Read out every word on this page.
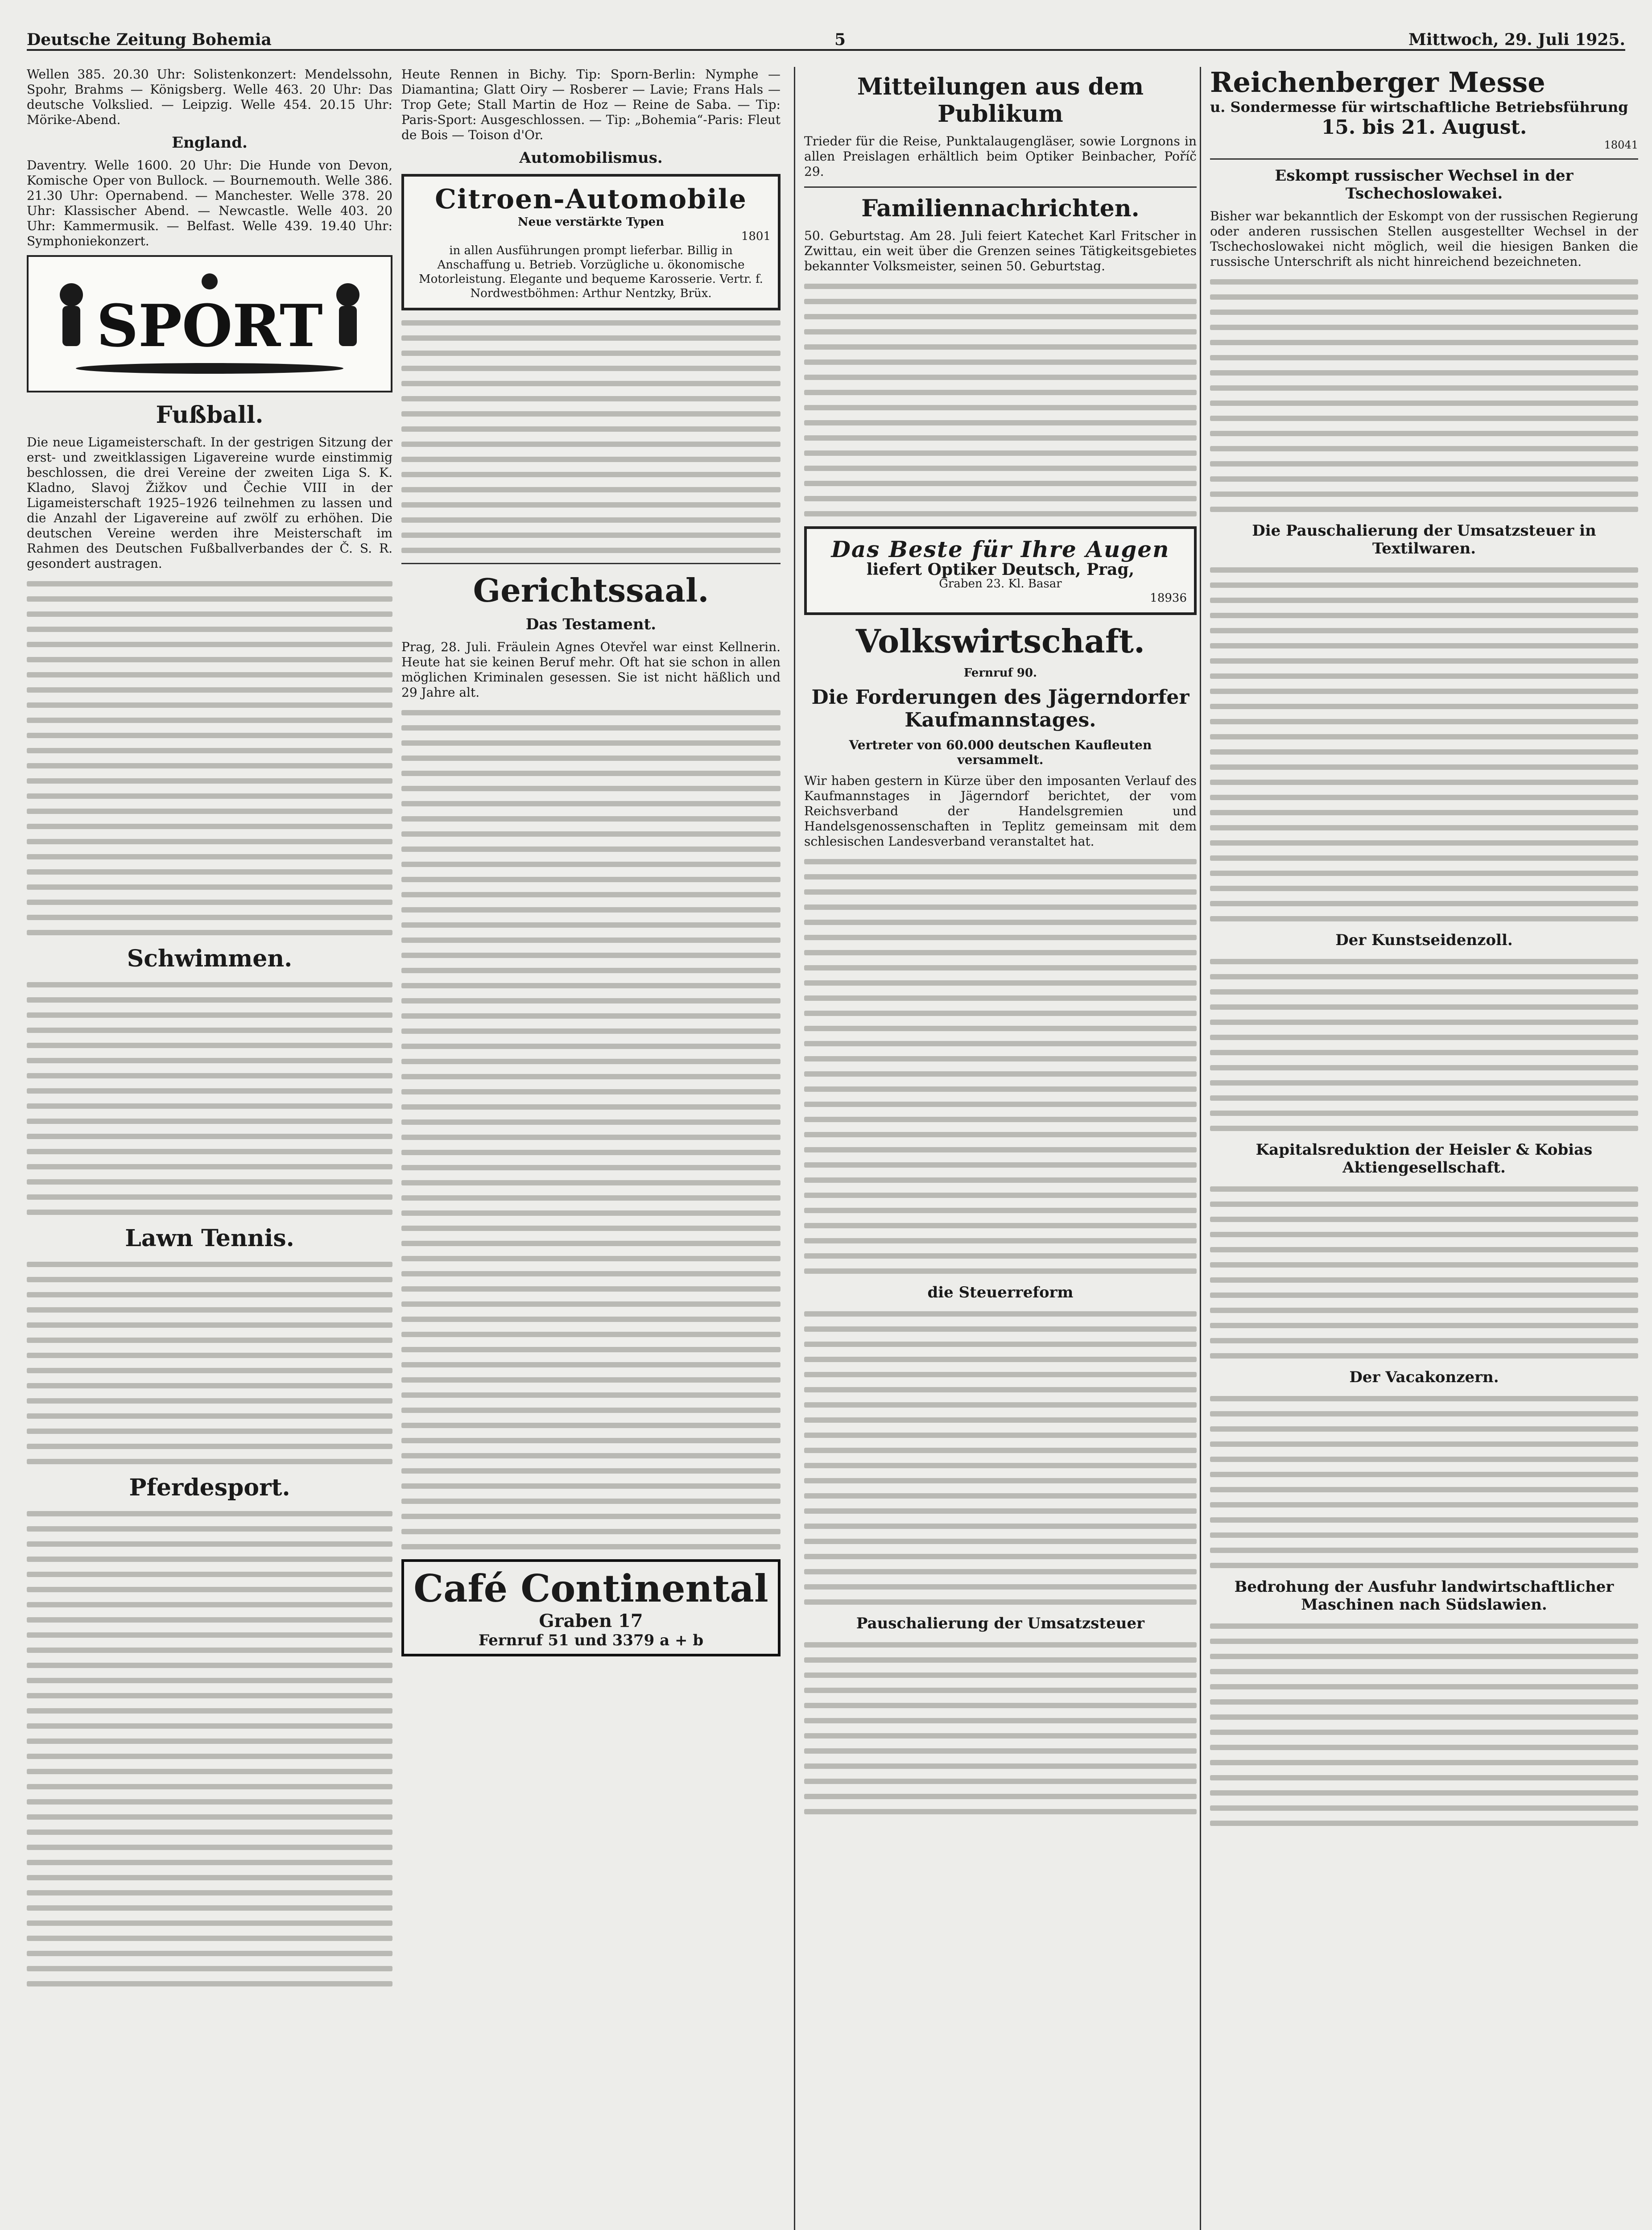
Deutsche Zeitung Bohemia	5	Mittwoch, 29. Juli 1925.

Wellen 385. 20.30 Uhr: Solistenkonzert: Mendelssohn, Spohr, Brahms — Königsberg. Welle 463. 20 Uhr: Das deutsche Volkslied. — Leipzig. Welle 454. 20.15 Uhr: Mörike-Abend.

England.

Daventry. Welle 1600. 20 Uhr: Die Hunde von Devon, Komische Oper von Bullock. — Bournemouth. Welle 386. 21.30 Uhr: Opernabend. — Manchester. Welle 378. 20 Uhr: Klassischer Abend. — Newcastle. Welle 403. 20 Uhr: Kammermusik. — Belfast. Welle 439. 19.40 Uhr: Symphoniekonzert.

SPORT
Fußball.

Die neue Ligameisterschaft. In der gestrigen Sitzung der erst- und zweitklassigen Ligavereine wurde einstimmig beschlossen, die drei Vereine der zweiten Liga S. K. Kladno, Slavoj Žižkov und Čechie VIII in der Ligameisterschaft 1925–1926 teilnehmen zu lassen und die Anzahl der Ligavereine auf zwölf zu erhöhen. Die deutschen Vereine werden ihre Meisterschaft im Rahmen des Deutschen Fußballverbandes der Č. S. R. gesondert austragen.

Schwimmen.
Lawn Tennis.
Pferdesport.

Heute Rennen in Bichy. Tip: Sporn-Berlin: Nymphe — Diamantina; Glatt Oiry — Rosberer — Lavie; Frans Hals — Trop Gete; Stall Martin de Hoz — Reine de Saba. — Tip: Paris-Sport: Ausgeschlossen. — Tip: „Bohemia“-Paris: Fleut de Bois — Toison d'Or.

Automobilismus.
Citroen-Automobile
Neue verstärkte Typen
1801
in allen Ausführungen prompt lieferbar. Billig in Anschaffung u. Betrieb. Vorzügliche u. ökonomische Motorleistung. Elegante und bequeme Karosserie. Vertr. f. Nordwestböhmen: Arthur Nentzky, Brüx.
Gerichtssaal.
Das Testament.

Prag, 28. Juli. Fräulein Agnes Otevřel war einst Kellnerin. Heute hat sie keinen Beruf mehr. Oft hat sie schon in allen möglichen Kriminalen gesessen. Sie ist nicht häßlich und 29 Jahre alt.

Café Continental
Graben 17
Fernruf 51 und 3379 a + b
Mitteilungen aus dem Publikum

Trieder für die Reise, Punktalaugengläser, sowie Lorgnons in allen Preislagen erhältlich beim Optiker Beinbacher, Poříč 29.

Familiennachrichten.

50. Geburtstag. Am 28. Juli feiert Katechet Karl Fritscher in Zwittau, ein weit über die Grenzen seines Tätigkeitsgebietes bekannter Volksmeister, seinen 50. Geburtstag.

Das Beste für Ihre Augen
liefert Optiker Deutsch, Prag,
Graben 23. Kl. Basar
18936
Volkswirtschaft.
Fernruf 90.
Die Forderungen des Jägerndorfer Kaufmannstages.
Vertreter von 60.000 deutschen Kaufleuten versammelt.

Wir haben gestern in Kürze über den imposanten Verlauf des Kaufmannstages in Jägerndorf berichtet, der vom Reichsverband der Handelsgremien und Handelsgenossenschaften in Teplitz gemeinsam mit dem schlesischen Landesverband veranstaltet hat.

die Steuerreform
Pauschalierung der Umsatzsteuer
Reichenberger Messe
u. Sondermesse für wirtschaftliche Betriebsführung
15. bis 21. August.
18041
Eskompt russischer Wechsel in der Tschechoslowakei.

Bisher war bekanntlich der Eskompt von der russischen Regierung oder anderen russischen Stellen ausgestellter Wechsel in der Tschechoslowakei nicht möglich, weil die hiesigen Banken die russische Unterschrift als nicht hinreichend bezeichneten.

Die Pauschalierung der Umsatzsteuer in Textilwaren.
Der Kunstseidenzoll.
Kapitalsreduktion der Heisler & Kobias Aktiengesellschaft.
Der Vacakonzern.
Bedrohung der Ausfuhr landwirtschaftlicher Maschinen nach Südslawien.
